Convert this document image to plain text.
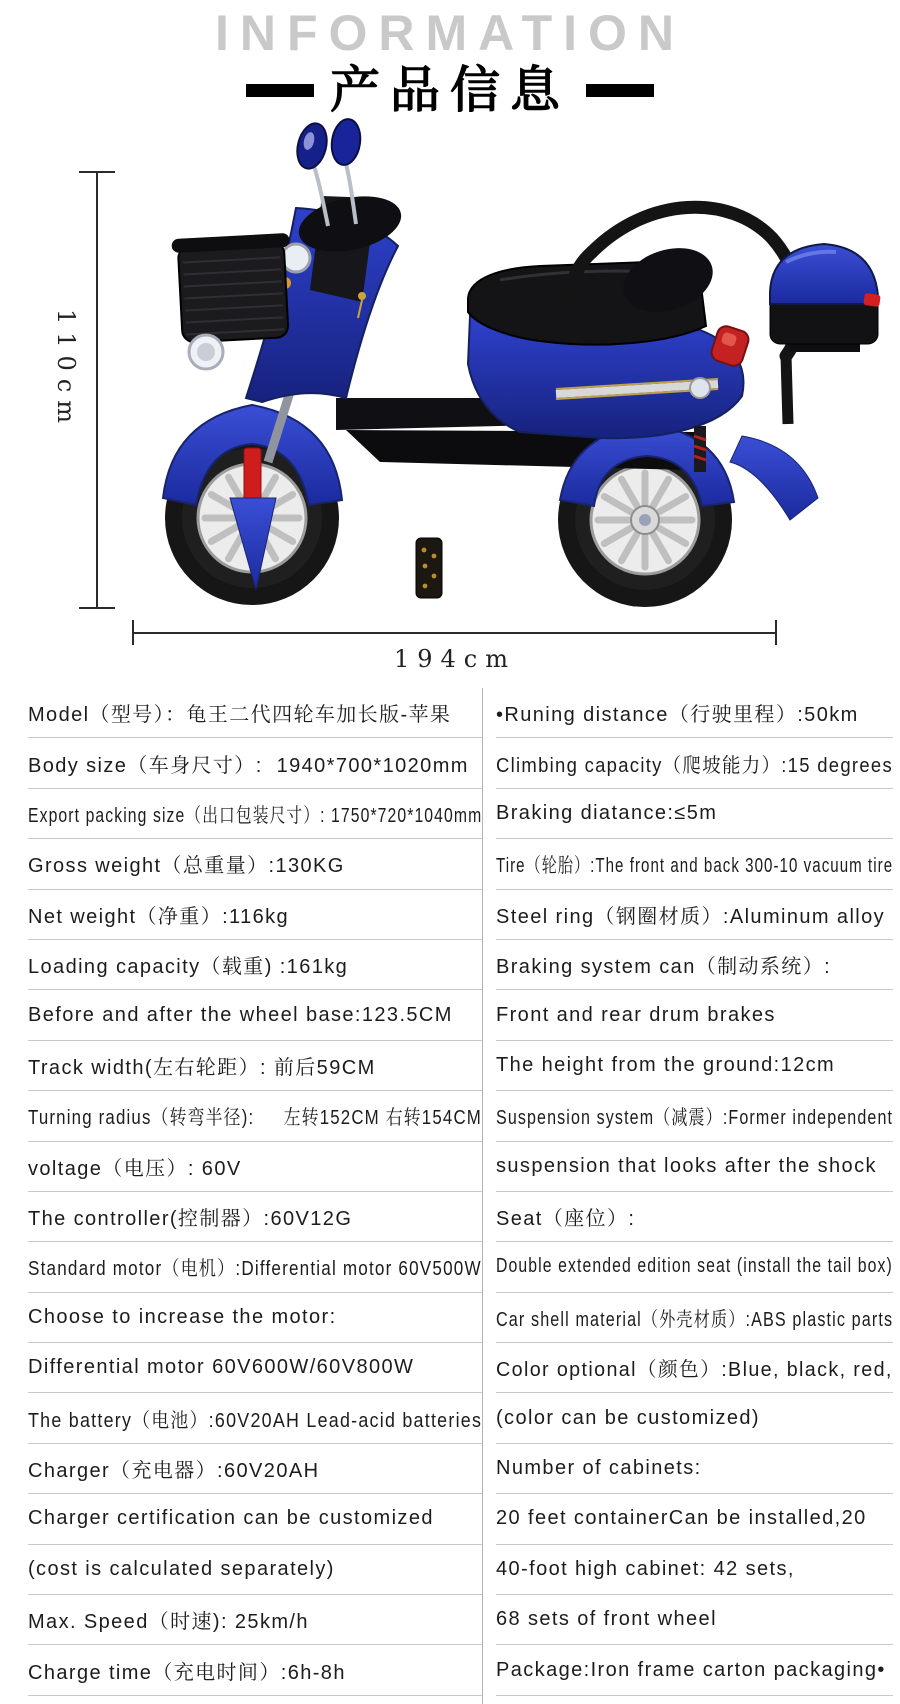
INFORMATION
产品信息
110cm
194cm
Model（型号）：龟王二代四轮车加长版-苹果
Body size（车身尺寸）:  1940*700*1020mm
Export packing size（出口包装尺寸）: 1750*720*1040mm
Gross weight（总重量）:130KG
Net weight（净重）:116kg
Loading capacity（载重) :161kg
Before and after the wheel base:123.5CM
Track width(左右轮距）: 前后59CM
Turning radius（转弯半径):     左转152CM 右转154CM
voltage（电压）: 60V
The controller(控制器）:60V12G
Standard motor（电机）:Differential motor 60V500W
Choose to increase the motor:
Differential motor 60V600W/60V800W
The battery（电池）:60V20AH Lead-acid batteries
Charger（充电器）:60V20AH
Charger certification can be customized
(cost is calculated separately)
Max. Speed（时速): 25km/h
Charge time（充电时间）:6h-8h
•Runing distance（行驶里程）:50km
Climbing capacity（爬坡能力）:15 degrees
Braking diatance:≤5m
Tire（轮胎）:The front and back 300-10 vacuum tire
Steel ring（钢圈材质）:Aluminum alloy
Braking system can（制动系统）:
Front and rear drum brakes
The height from the ground:12cm
Suspension system（减震）:Former independent
suspension that looks after the shock
Seat（座位）:
Double extended edition seat (install the tail box)
Car shell material（外壳材质）:ABS plastic parts
Color optional（颜色）:Blue, black, red,
(color can be customized)
Number of cabinets:
20 feet containerCan be installed,20
40-foot high cabinet: 42 sets,
68 sets of front wheel
Package:Iron frame carton packaging•
